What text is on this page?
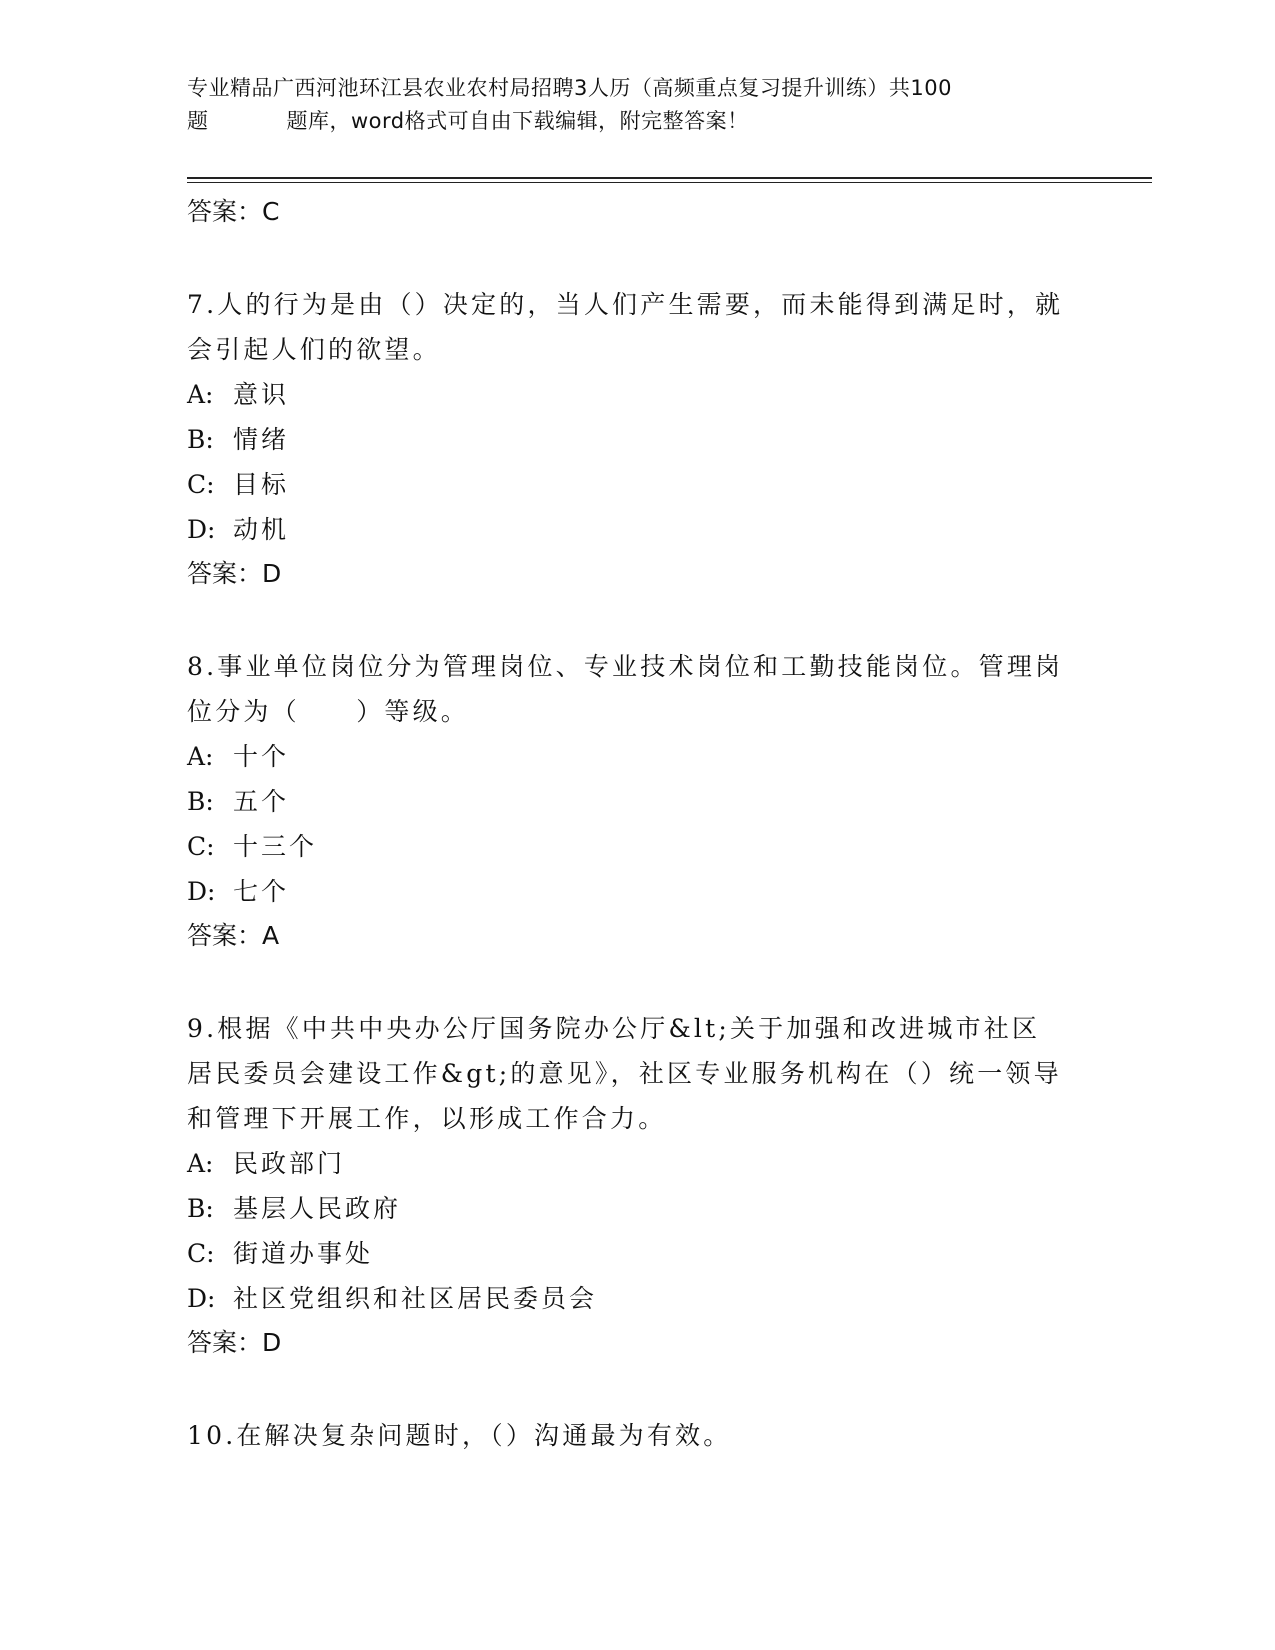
专业精品广西河池环江县农业农村局招聘3人历（高频重点复习提升训练）共100
题	题库，word格式可自由下载编辑，附完整答案！
答案：C
7.人的行为是由（）决定的，当人们产生需要，而未能得到满足时，就会引起人们的欲望。
A: 意识
B: 情绪
C: 目标
D: 动机
答案：D
8.事业单位岗位分为管理岗位、专业技术岗位和工勤技能岗位。管理岗位分为（　　）等级。
A: 十个
B: 五个
C: 十三个
D: 七个
答案：A
9.根据《中共中央办公厅国务院办公厅&lt;关于加强和改进城市社区居民委员会建设工作&gt;的意见》，社区专业服务机构在（）统一领导和管理下开展工作，以形成工作合力。
A: 民政部门
B: 基层人民政府
C: 街道办事处
D: 社区党组织和社区居民委员会
答案：D
10.在解决复杂问题时，（）沟通最为有效。
